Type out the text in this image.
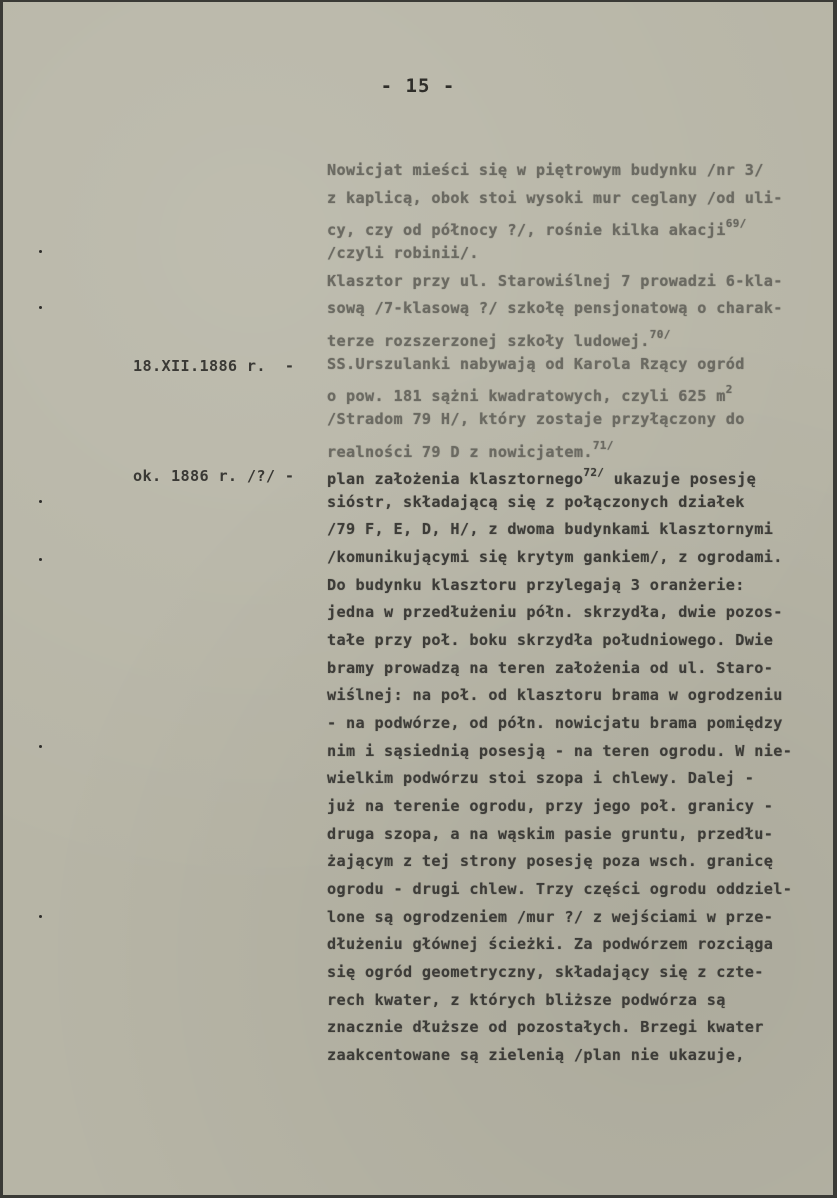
- 15 -
Nowicjat mieści się w piętrowym budynku /nr 3/
z kaplicą, obok stoi wysoki mur ceglany /od uli-
cy, czy od północy ?/, rośnie kilka akacji$^{69/}$
/czyli robinii/.
Klasztor przy ul. Starowiślnej 7 prowadzi 6-kla-
sową /7-klasową ?/ szkołę pensjonatową o charak-
terze rozszerzonej szkoły ludowej.$^{70/}$
SS.Urszulanki nabywają od Karola Rzący ogród
o pow. 181 sążni kwadratowych, czyli 625 $m^2$
/Stradom 79 H/, który zostaje przyłączony do
realności 79 D z nowicjatem.$^{71/}$
plan założenia klasztornego$^{72/}$ ukazuje posesję
sióstr, składającą się z połączonych działek
/79 F, E, D, H/, z dwoma budynkami klasztornymi
/komunikującymi się krytym gankiem/, z ogrodami.
Do budynku klasztoru przylegają 3 oranżerie:
jedna w przedłużeniu półn. skrzydła, dwie pozos-
tałe przy poł. boku skrzydła południowego. Dwie
bramy prowadzą na teren założenia od ul. Staro-
wiślnej: na poł. od klasztoru brama w ogrodzeniu
- na podwórze, od półn. nowicjatu brama pomiędzy
nim i sąsiednią posesją - na teren ogrodu. W nie-
wielkim podwórzu stoi szopa i chlewy. Dalej -
już na terenie ogrodu, przy jego poł. granicy -
druga szopa, a na wąskim pasie gruntu, przedłu-
żającym z tej strony posesję poza wsch. granicę
ogrodu - drugi chlew. Trzy części ogrodu oddziel-
lone są ogrodzeniem /mur ?/ z wejściami w prze-
dłużeniu głównej ścieżki. Za podwórzem rozciąga
się ogród geometryczny, składający się z czte-
rech kwater, z których bliższe podwórza są
znacznie dłuższe od pozostałych. Brzegi kwater
zaakcentowane są zielenią /plan nie ukazuje,
18.XII.1886 r.  -
ok. 1886 r. /?/ -
